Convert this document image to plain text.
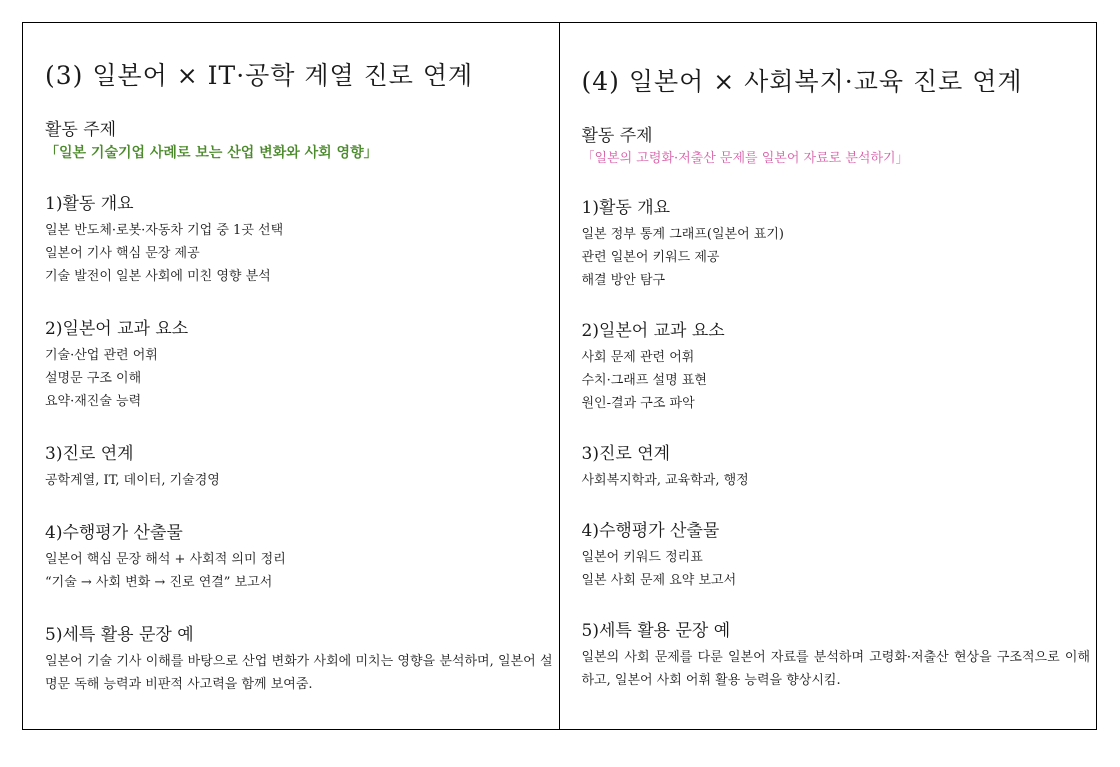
(3) 일본어 × IT·공학 계열 진로 연계

활동 주제

「일본 기술기업 사례로 보는 산업 변화와 사회 영향」

1)활동 개요

일본 반도체·로봇·자동차 기업 중 1곳 선택

일본어 기사 핵심 문장 제공

기술 발전이 일본 사회에 미친 영향 분석

2)일본어 교과 요소

기술·산업 관련 어휘

설명문 구조 이해

요약·재진술 능력

3)진로 연계

공학계열, IT, 데이터, 기술경영

4)수행평가 산출물

일본어 핵심 문장 해석 + 사회적 의미 정리

“기술 → 사회 변화 → 진로 연결” 보고서

5)세특 활용 문장 예

일본어 기술 기사 이해를 바탕으로 산업 변화가 사회에 미치는 영향을 분석하며, 일본어 설명문 독해 능력과 비판적 사고력을 함께 보여줌.

(4) 일본어 × 사회복지·교육 진로 연계

활동 주제

「일본의 고령화·저출산 문제를 일본어 자료로 분석하기」

1)활동 개요

일본 정부 통계 그래프(일본어 표기)

관련 일본어 키워드 제공

해결 방안 탐구

2)일본어 교과 요소

사회 문제 관련 어휘

수치·그래프 설명 표현

원인-결과 구조 파악

3)진로 연계

사회복지학과, 교육학과, 행정

4)수행평가 산출물

일본어 키워드 정리표

일본 사회 문제 요약 보고서

5)세특 활용 문장 예

일본의 사회 문제를 다룬 일본어 자료를 분석하며 고령화·저출산 현상을 구조적으로 이해하고, 일본어 사회 어휘 활용 능력을 향상시킴.
